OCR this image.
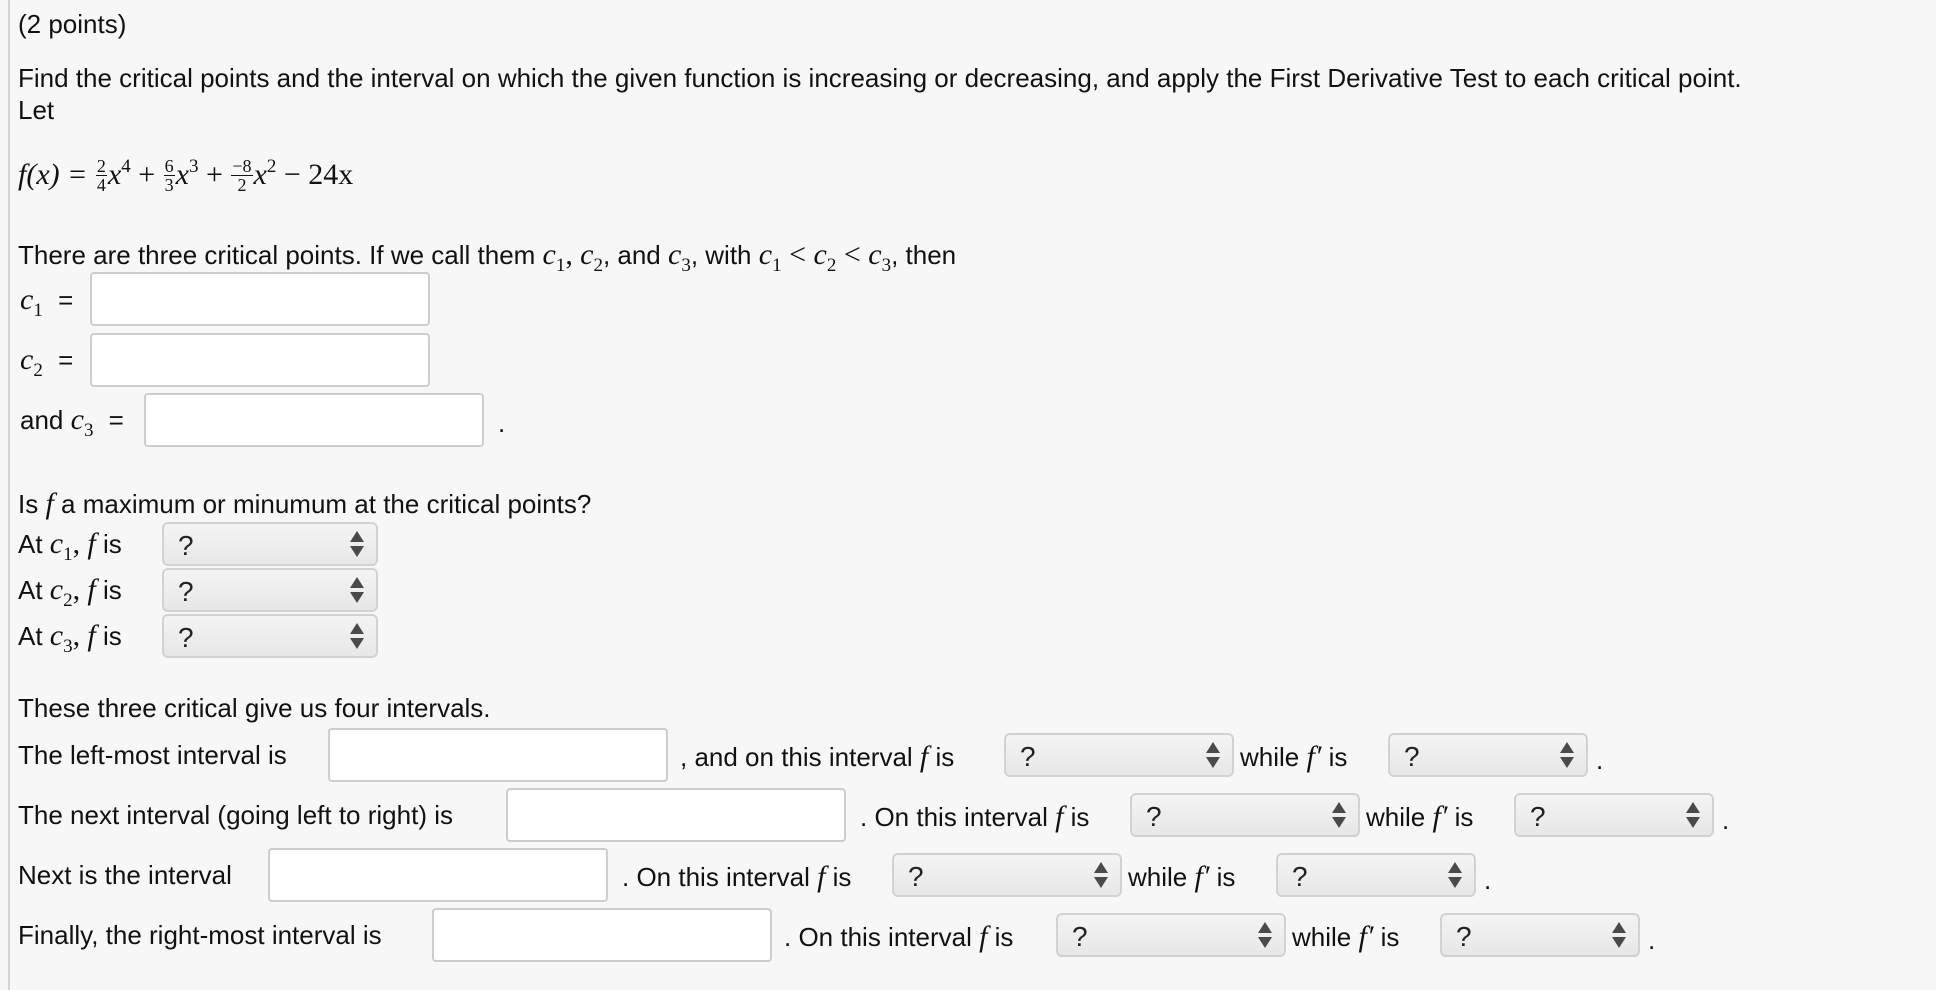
(2 points)
Find the critical points and the interval on which the given function is increasing or decreasing, and apply the First Derivative Test to each critical point.
Let
$f(x) = \frac{2}{4} x^4 + \frac{6}{3} x^3 + \frac{-8}{2} x^2 - 24x$
There are three critical points. If we call them $c_1$, $c_2$, and $c_3$, with $c_1 < c_2 < c_3$, then
$c_1$ =
$c_2$ =
and $c_3$ =	.
Is f a maximum or minumum at the critical points?
At $c_1$, f is ?
At $c_2$, f is ?
At $c_3$, f is ?
These three critical give us four intervals.
The left-most interval is	, and on this interval f is ?	while f′ is ?	.
The next interval (going left to right) is	. On this interval f is ?	while f′ is ?	.
Next is the interval	. On this interval f is ?	while f′ is ?	.
Finally, the right-most interval is	. On this interval f is ?	while f′ is ?	.
